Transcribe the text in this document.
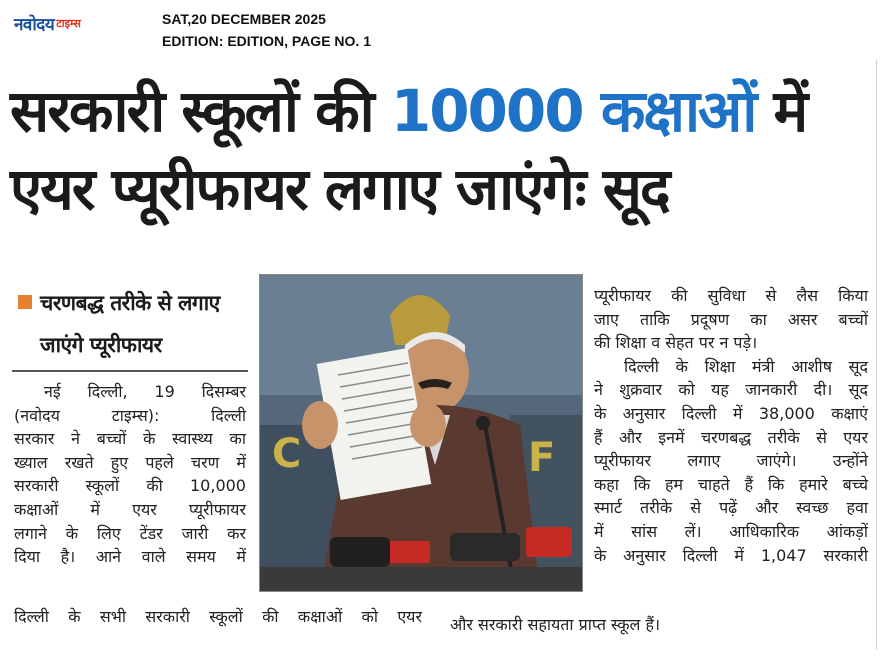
नवोदय टाइम्स	SAT,20 DECEMBER 2025
EDITION: EDITION, PAGE NO. 1
सरकारी स्कूलों की 10000 कक्षाओं में
एयर प्यूरीफायर लगाए जाएंगेः सूद
चरणबद्ध तरीके से लगाए
जाएंगे प्यूरीफायर
नई दिल्ली, 19 दिसम्बर
(नवोदय टाइम्स): दिल्ली
सरकार ने बच्चों के स्वास्थ्य का
ख्याल रखते हुए पहले चरण में
सरकारी स्कूलों की 10,000
कक्षाओं में एयर प्यूरीफायर
लगाने के लिए टेंडर जारी कर
दिया है। आने वाले समय में
दिल्ली के सभी सरकारी स्कूलों की कक्षाओं को एयर
C	F
प्यूरीफायर की सुविधा से लैस किया
जाए ताकि प्रदूषण का असर बच्चों
की शिक्षा व सेहत पर न पड़े।
दिल्ली के शिक्षा मंत्री आशीष सूद
ने शुक्रवार को यह जानकारी दी। सूद
के अनुसार दिल्ली में 38,000 कक्षाएं
हैं और इनमें चरणबद्ध तरीके से एयर
प्यूरीफायर लगाए जाएंगे। उन्होंने
कहा कि हम चाहते हैं कि हमारे बच्चे
स्मार्ट तरीके से पढ़ें और स्वच्छ हवा
में सांस लें। आधिकारिक आंकड़ों
के अनुसार दिल्ली में 1,047 सरकारी
और सरकारी सहायता प्राप्त स्कूल हैं।
